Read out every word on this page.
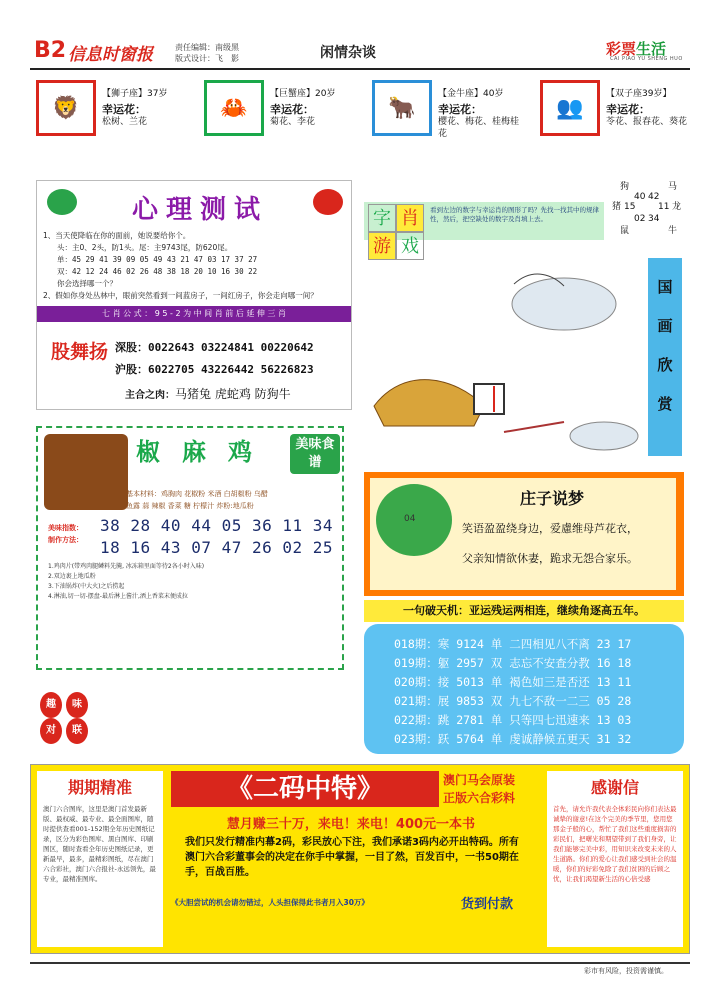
B2 信息时窗报	责任编辑：南级黑
版式设计：飞　影	闲情杂谈	彩票生活
CAI PIAO YU SHENG HUO
🦁
【狮子座】37岁
幸运花：
松树、兰花
🦀
【巨蟹座】20岁
幸运花：
菊花、李花
🐂
【金牛座】40岁
幸运花：
樱花、梅花、桂梅桂花
👥
【双子座39岁】
幸运花：
苓花、报春花、葵花
心理测试
1、当天使降临在你的面前，她说要给你个。
头：主0、2头，防1头。尾：主9743尾，防620尾。
单：45 29 41 39 09 05 49 43 21 47 03 17 37 27
双：42 12 24 46 02 26 48 38 18 20 10 16 30 22
你会选择哪一个？
2、假如你身处丛林中，眼前突然看到一间蓝房子，一间红房子，你会走向哪一间？
七 肖 公 式 ： 9 5 - 2 为 中 间 肖 前 后 延 伸 三 肖
股舞扬 深股：0022643 03224841 00220642
沪股：6022705 43226442 56226823
主合之肉：马猪兔 虎蛇鸡 防狗牛
椒麻鸡	美味食谱
基本材料：鸡胸肉 花椒粉 米酒 白胡椒粉 乌醋
鱼露 蒜 辣椒 香菜 糖 柠檬汁 炸粉:地瓜粉
美味指数： 38 28 40 44 05 36 11 34
制作方法： 18 16 43 07 47 26 02 25
1.鸡肉片(带鸡肉腿鳞料先腌, 冰冻箱里面等待2各小时入味)
2.双边裹上地瓜粉
3.下油锅炸(中大火)之后捞起
4.淋油,切一切-摆盘-最后淋上酱汁,洒上香菜末便成拉
趣	味
对	联
字 肖
游 戏
看到左边的数字与幸运肖的图形了吗？先找一找其中的规律性，然后，把空缺处的数字及肖填上去。
狗	马
猪 15
40 42
11 龙
02 34
鼠	牛
国
画
欣
赏
04
庄子说梦
笑语盈盈绕身边，爱慮维母芦花衣，
父亲知情欲休妻，跪求无怨合家乐。
一句破天机：亚运残运两相连，继续角逐高五年。
018期：寒 9124 单 二四相见八不离 23 17
019期：躯 2957 双 志忘不安查分教 16 18
020期：接 5013 单 褐色如三是否还 13 11
021期：展 9853 双 九七不敌一二三 05 28
022期：跳 2781 单 只等四七迅速来 13 03
023期：跃 5764 单 虔诚静候五更天 31 32
期期精准
澳门六合图库，这里是澳门首发最新版、最权威、最专业、最全面图库，随时提供查看001-152期全年历史图纸记录，区分为彩色图库、黑白图库、印刷图区，随时查看全年历史图纸记录，更新最早，最多，最精彩图纸，尽在澳门六合彩社，澳门六合报社-永远领先，最专业，最精准图库。
《二码中特》	澳门马会原装
正版六合彩料
慧月赚三十万，来电！来电！400元一本书
我们只发行精准内幕2码，彩民放心下注，我们承诺3码内必开出特码。所有澳门六合彩董事会的决定在你手中掌握，一目了然，百发百中，一书50期在手，百战百胜。
《大胆尝试的机会请勿错过，人头担保得此书者月入30万》	货到付款
感谢信
首先，请允许我代表全体彩民向你们表达最诚挚的谢意!在这个完美的季节里，您用您那金子般的心，帮忙了我们这些重度损害的彩民们，把曙光和期望带到了我们身旁，让我们能够完美中彩，用知识来改变未来的人生道路。你们的爱心让我们感受到社会的温暖，你们的好彩免除了我们贫困的后顾之忧，让我们渴望新生活的心倍受感
彩市有风险，投资需谨慎。
